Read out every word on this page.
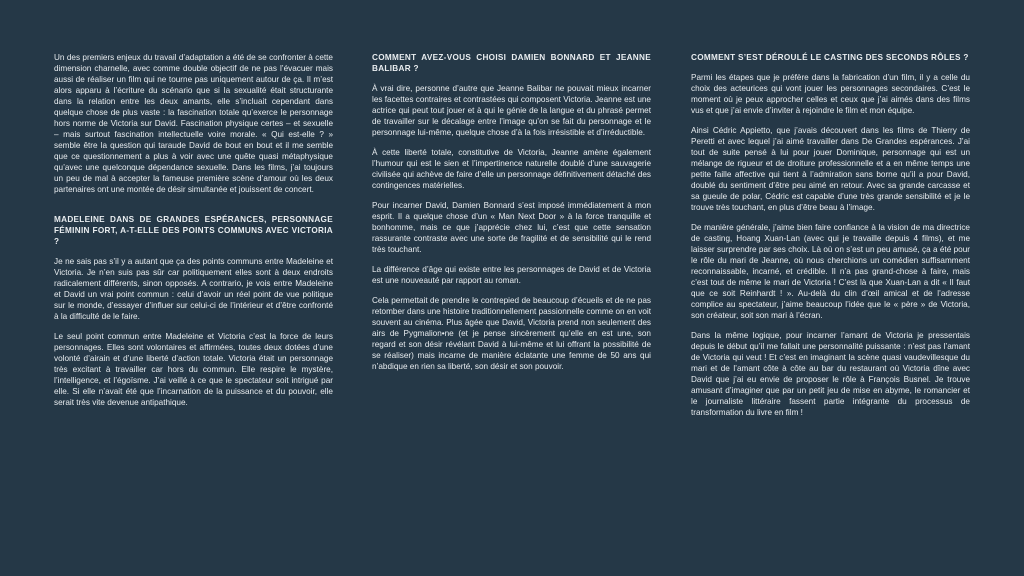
Un des premiers enjeux du travail d’adaptation a été de se confronter à cette dimension charnelle, avec comme double objectif de ne pas l’évacuer mais aussi de réaliser un film qui ne tourne pas uniquement autour de ça. Il m’est alors apparu à l’écriture du scénario que si la sexualité était structurante dans la relation entre les deux amants, elle s’incluait cependant dans quelque chose de plus vaste : la fascination totale qu’exerce le personnage hors norme de Victoria sur David. Fascination physique certes – et sexuelle – mais surtout fascination intellectuelle voire morale. « Qui est-elle ? » semble être la question qui taraude David de bout en bout et il me semble que ce questionnement a plus à voir avec une quête quasi métaphysique qu’avec une quelconque dépendance sexuelle. Dans les films, j’ai toujours un peu de mal à accepter la fameuse première scène d’amour où les deux partenaires ont une montée de désir simultanée et jouissent de concert.

MADELEINE DANS DE GRANDES ESPÉRANCES, PERSONNAGE FÉMININ FORT, A-T-ELLE DES POINTS COMMUNS AVEC VICTORIA ?

Je ne sais pas s’il y a autant que ça des points communs entre Madeleine et Victoria. Je n’en suis pas sûr car politiquement elles sont à deux endroits radicalement différents, sinon opposés. A contrario, je vois entre Madeleine et David un vrai point commun : celui d’avoir un réel point de vue politique sur le monde, d’essayer d’influer sur celui-ci de l’intérieur et d’être confronté à la difficulté de le faire.

Le seul point commun entre Madeleine et Victoria c’est la force de leurs personnages. Elles sont volontaires et affirmées, toutes deux dotées d’une volonté d’airain et d’une liberté d’action totale. Victoria était un personnage très excitant à travailler car hors du commun. Elle respire le mystère, l’intelligence, et l’égoïsme. J’ai veillé à ce que le spectateur soit intrigué par elle. Si elle n’avait été que l’incarnation de la puissance et du pouvoir, elle serait très vite devenue antipathique.

COMMENT AVEZ-VOUS CHOISI DAMIEN BONNARD ET JEANNE BALIBAR ?

À vrai dire, personne d’autre que Jeanne Balibar ne pouvait mieux incarner les facettes contraires et contrastées qui composent Victoria. Jeanne est une actrice qui peut tout jouer et à qui le génie de la langue et du phrasé permet de travailler sur le décalage entre l’image qu’on se fait du personnage et le personnage lui-même, quelque chose d’à la fois irrésistible et d’irréductible.

À cette liberté totale, constitutive de Victoria, Jeanne amène également l’humour qui est le sien et l’impertinence naturelle doublé d’une sauvagerie civilisée qui achève de faire d’elle un personnage définitivement détaché des contingences matérielles.

Pour incarner David, Damien Bonnard s’est imposé immédiatement à mon esprit. Il a quelque chose d’un « Man Next Door » à la force tranquille et bonhomme, mais ce que j’apprécie chez lui, c’est que cette sensation rassurante contraste avec une sorte de fragilité et de sensibilité qui le rend très touchant.

La différence d’âge qui existe entre les personnages de David et de Victoria est une nouveauté par rapport au roman.

Cela permettait de prendre le contrepied de beaucoup d’écueils et de ne pas retomber dans une histoire traditionnellement passionnelle comme on en voit souvent au cinéma. Plus âgée que David, Victoria prend non seulement des airs de Pygmalion•ne (et je pense sincèrement qu’elle en est une, son regard et son désir révélant David à lui-même et lui offrant la possibilité de se réaliser) mais incarne de manière éclatante une femme de 50 ans qui n’abdique en rien sa liberté, son désir et son pouvoir.

COMMENT S’EST DÉROULÉ LE CASTING DES SECONDS RÔLES ?

Parmi les étapes que je préfère dans la fabrication d’un film, il y a celle du choix des acteurices qui vont jouer les personnages secondaires. C’est le moment où je peux approcher celles et ceux que j’ai aimés dans des films vus et que j’ai envie d’inviter à rejoindre le film et mon équipe.

Ainsi Cédric Appietto, que j’avais découvert dans les films de Thierry de Peretti et avec lequel j’ai aimé travailler dans De Grandes espérances. J’ai tout de suite pensé à lui pour jouer Dominique, personnage qui est un mélange de rigueur et de droiture professionnelle et a en même temps une petite faille affective qui tient à l’admiration sans borne qu’il a pour David, doublé du sentiment d’être peu aimé en retour. Avec sa grande carcasse et sa gueule de polar, Cédric est capable d’une très grande sensibilité et je le trouve très touchant, en plus d’être beau à l’image.

De manière générale, j’aime bien faire confiance à la vision de ma directrice de casting, Hoang Xuan-Lan (avec qui je travaille depuis 4 films), et me laisser surprendre par ses choix. Là où on s’est un peu amusé, ça a été pour le rôle du mari de Jeanne, où nous cherchions un comédien suffisamment reconnaissable, incarné, et crédible. Il n’a pas grand-chose à faire, mais c’est tout de même le mari de Victoria ! C’est là que Xuan-Lan a dit « Il faut que ce soit Reinhardt ! ». Au-delà du clin d’œil amical et de l’adresse complice au spectateur, j’aime beaucoup l’idée que le « père » de Victoria, son créateur, soit son mari à l’écran.

Dans la même logique, pour incarner l’amant de Victoria je pressentais depuis le début qu’il me fallait une personnalité puissante : n’est pas l’amant de Victoria qui veut ! Et c’est en imaginant la scène quasi vaudevillesque du mari et de l’amant côte à côte au bar du restaurant où Victoria dîne avec David que j’ai eu envie de proposer le rôle à François Busnel. Je trouve amusant d’imaginer que par un petit jeu de mise en abyme, le romancier et le journaliste littéraire fassent partie intégrante du processus de transformation du livre en film !
